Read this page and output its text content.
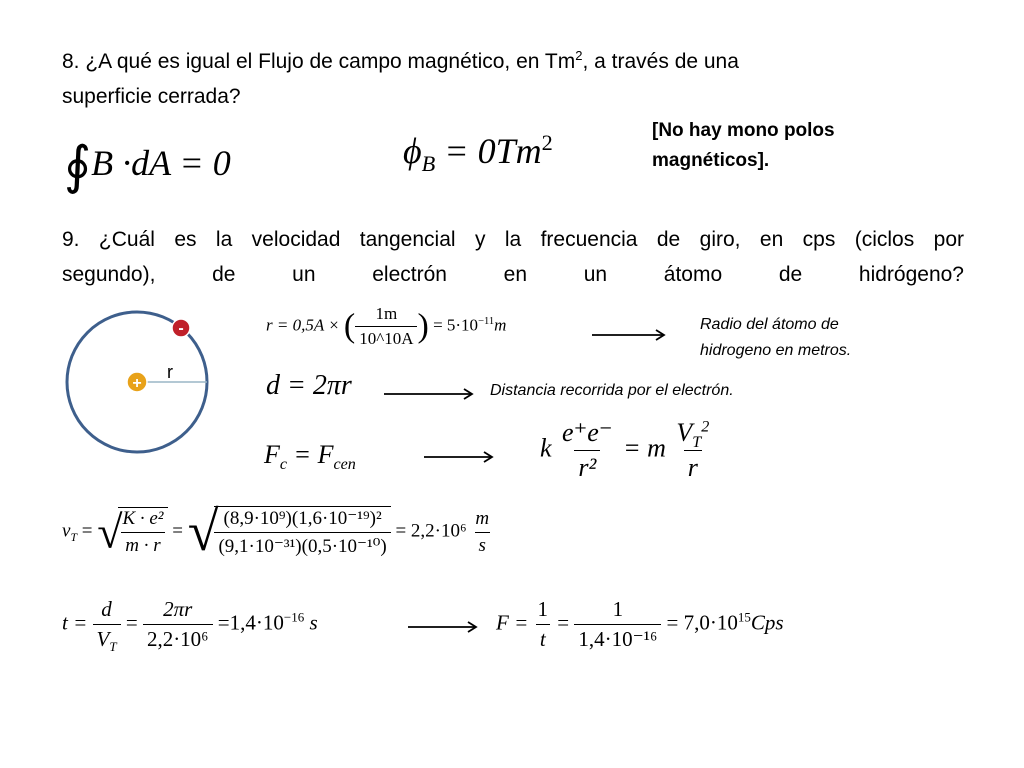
8. ¿A qué es igual el Flujo de campo magnético, en Tm$^2$, a través de una
superficie cerrada?
∮B ·dA = 0	$\phi_B = 0Tm^2$	[No hay mono polos
magnéticos].
9. ¿Cuál es la velocidad tangencial y la frecuencia de giro, en cps (ciclos por
segundo), de un electrón en un átomo de hidrógeno?
-
+
r
r = 0,5A × ( $\frac{1m}{10\^{}10A}$ ) = $5\cdot 10^{-11}m$	Radio del átomo de
hidrogeno en metros.
d = 2πr	Distancia recorrida por el electrón.
$F_c = F_{cen}$
k $\frac{e^+e^-}{\text{r²}} = m \frac{V_T^2}{r}$
$v_T$ = √
$\frac{\text{K · e²}}{m \cdot r}$ = √
$\frac{\text{(8,9·10⁹)(1,6·10⁻¹⁹)²}}{\text{(9,1·10⁻³¹)(0,5·10⁻¹⁰)}} = 2,2\cdot 10^6 \frac{m}{s}$
$t = \frac{d}{V_T} = \frac{2\pi r}{\text{2,2·10⁶}} =1,4\cdot 10^{-16}$ s	$F = \frac{1}{t} = \frac{1}{\text{1,4·10⁻¹⁶}} = 7,0\cdot 10^{15}Cps$
